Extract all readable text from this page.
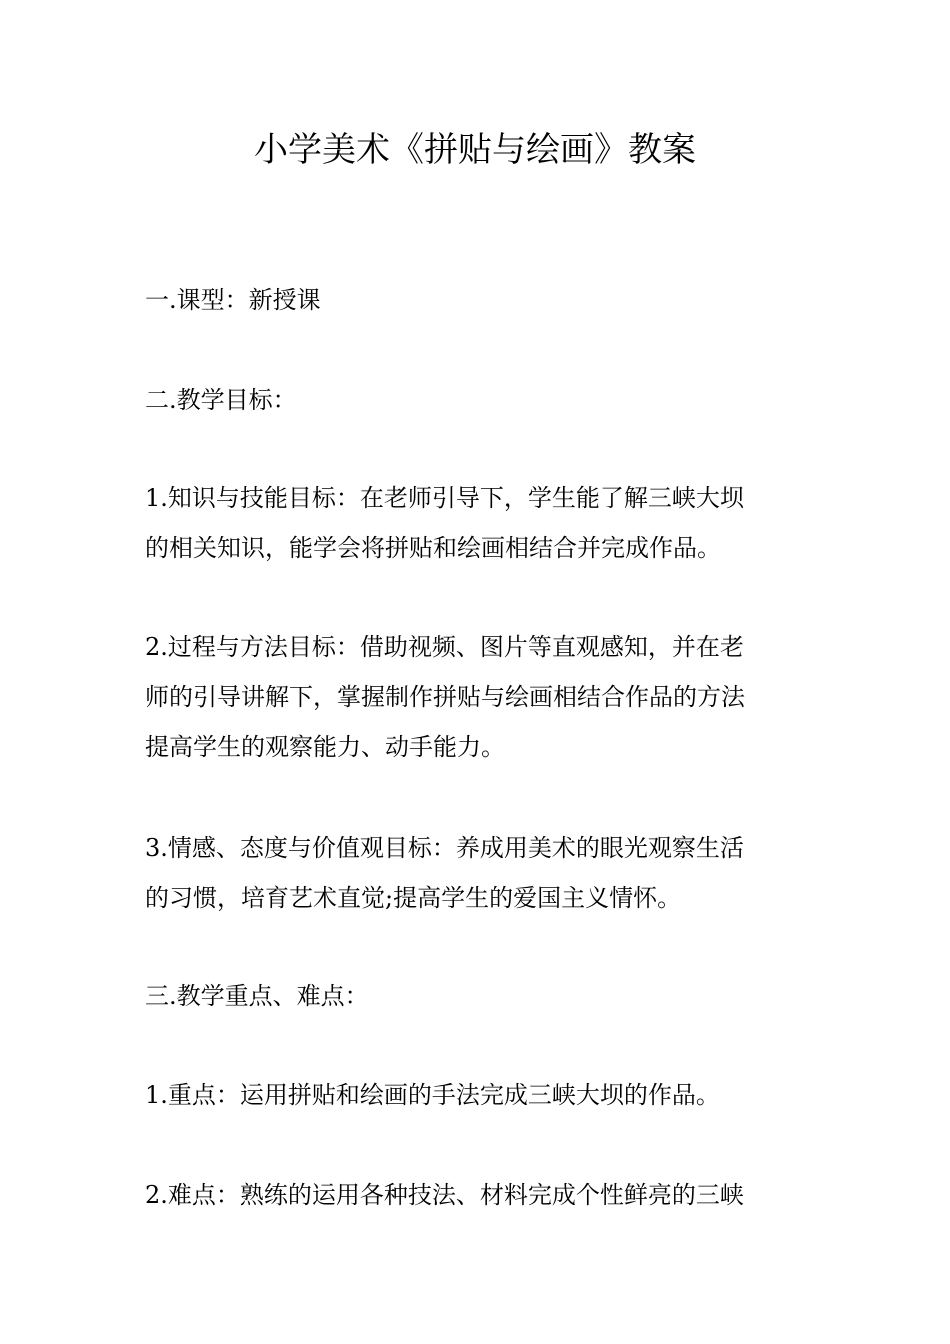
小学美术《拼贴与绘画》教案
一.课型：新授课
二.教学目标：
1.知识与技能目标：在老师引导下，学生能了解三峡大坝
的相关知识，能学会将拼贴和绘画相结合并完成作品。
2.过程与方法目标：借助视频、图片等直观感知，并在老
师的引导讲解下，掌握制作拼贴与绘画相结合作品的方法
提高学生的观察能力、动手能力。
3.情感、态度与价值观目标：养成用美术的眼光观察生活
的习惯，培育艺术直觉;提高学生的爱国主义情怀。
三.教学重点、难点：
1.重点：运用拼贴和绘画的手法完成三峡大坝的作品。
2.难点：熟练的运用各种技法、材料完成个性鲜亮的三峡
